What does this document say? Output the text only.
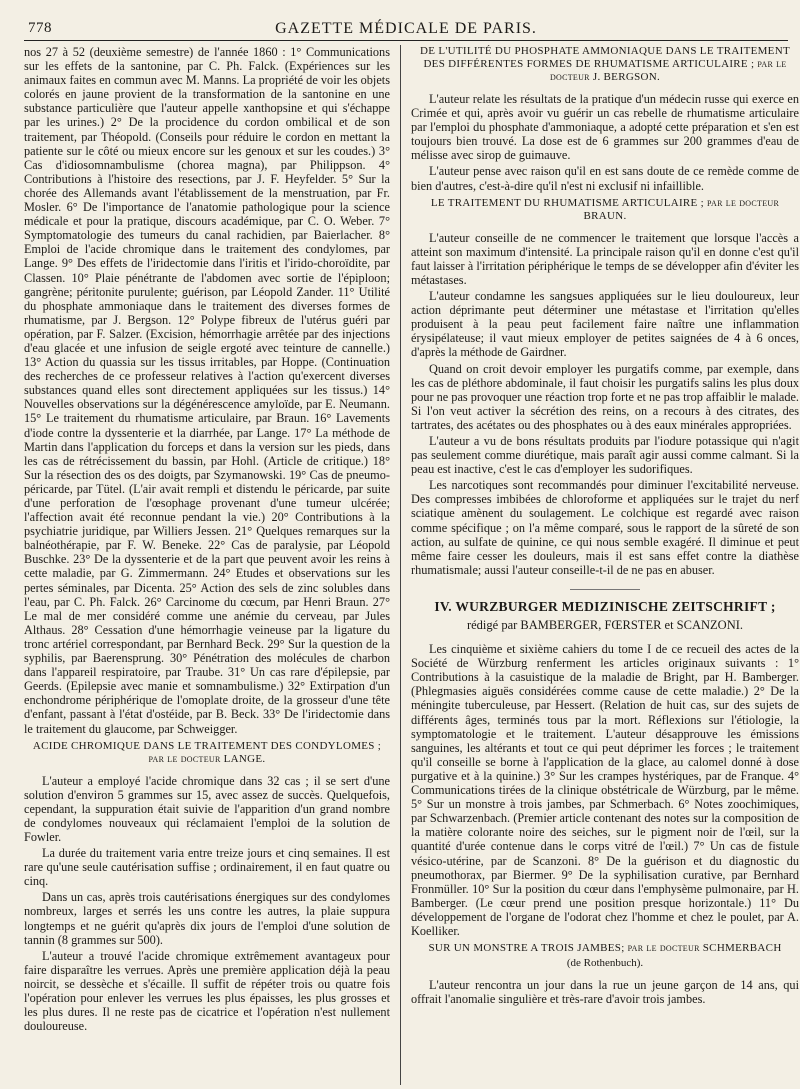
778	GAZETTE MÉDICALE DE PARIS.

nos 27 à 52 (deuxième semestre) de l'année 1860 : 1° Communications sur les effets de la santonine, par C. Ph. Falck. (Expériences sur les animaux faites en commun avec M. Manns. La propriété de voir les objets colorés en jaune provient de la transformation de la santonine en une substance particulière que l'auteur appelle xanthopsine et qui s'échappe par les urines.) 2° De la procidence du cordon ombilical et de son traitement, par Théopold. (Conseils pour réduire le cordon en mettant la patiente sur le côté ou mieux encore sur les genoux et sur les coudes.) 3° Cas d'idiosomnambulisme (chorea magna), par Philippson. 4° Contributions à l'histoire des resections, par J. F. Heyfelder. 5° Sur la chorée des Allemands avant l'établissement de la menstruation, par Fr. Mosler. 6° De l'importance de l'anatomie pathologique pour la science médicale et pour la pratique, discours académique, par C. O. Weber. 7° Symptomatologie des tumeurs du canal rachidien, par Baierlacher. 8° Emploi de l'acide chromique dans le traitement des condylomes, par Lange. 9° Des effets de l'iridectomie dans l'iritis et l'irido-choroïdite, par Classen. 10° Plaie pénétrante de l'abdomen avec sortie de l'épiploon; gangrène; péritonite purulente; guérison, par Léopold Zander. 11° Utilité du phosphate ammoniaque dans le traitement des diverses formes de rhumatisme, par J. Bergson. 12° Polype fibreux de l'utérus guéri par opération, par F. Salzer. (Excision, hémorrhagie arrêtée par des injections d'eau glacée et une infusion de seigle ergoté avec teinture de cannelle.) 13° Action du quassia sur les tissus irritables, par Hoppe. (Continuation des recherches de ce professeur relatives à l'action qu'exercent diverses substances quand elles sont directement appliquées sur les tissus.) 14° Nouvelles observations sur la dégénérescence amyloïde, par E. Neumann. 15° Le traitement du rhumatisme articulaire, par Braun. 16° Lavements d'iode contre la dyssenterie et la diarrhée, par Lange. 17° La méthode de Martin dans l'application du forceps et dans la version sur les pieds, dans les cas de rétrécissement du bassin, par Hohl. (Article de critique.) 18° Sur la résection des os des doigts, par Szymanowski. 19° Cas de pneumo-péricarde, par Tütel. (L'air avait rempli et distendu le péricarde, par suite d'une perforation de l'œsophage provenant d'une tumeur ulcérée; l'affection avait été reconnue pendant la vie.) 20° Contributions à la psychiatrie juridique, par Williers Jessen. 21° Quelques remarques sur la balnéothérapie, par F. W. Beneke. 22° Cas de paralysie, par Léopold Buschke. 23° De la dyssenterie et de la part que peuvent avoir les reins à cette maladie, par G. Zimmermann. 24° Etudes et observations sur les pertes séminales, par Dicenta. 25° Action des sels de zinc solubles dans l'eau, par C. Ph. Falck. 26° Carcinome du cœcum, par Henri Braun. 27° Le mal de mer considéré comme une anémie du cerveau, par Jules Althaus. 28° Cessation d'une hémorrhagie veineuse par la ligature du tronc artériel correspondant, par Bernhard Beck. 29° Sur la question de la syphilis, par Baerensprung. 30° Pénétration des molécules de charbon dans l'appareil respiratoire, par Traube. 31° Un cas rare d'épilepsie, par Geerds. (Epilepsie avec manie et somnambulisme.) 32° Extirpation d'un enchondrome périphérique de l'omoplate droite, de la grosseur d'une tête d'enfant, passant à l'état d'ostéide, par B. Beck. 33° De l'iridectomie dans le traitement du glaucome, par Schweigger.

ACIDE CHROMIQUE DANS LE TRAITEMENT DES CONDYLOMES ; par le docteur LANGE.

L'auteur a employé l'acide chromique dans 32 cas ; il se sert d'une solution d'environ 5 grammes sur 15, avec assez de succès. Quelquefois, cependant, la suppuration était suivie de l'apparition d'un grand nombre de condylomes nouveaux qui réclamaient l'emploi de la solution de Fowler.

La durée du traitement varia entre treize jours et cinq semaines. Il est rare qu'une seule cautérisation suffise ; ordinairement, il en faut quatre ou cinq.

Dans un cas, après trois cautérisations énergiques sur des condylomes nombreux, larges et serrés les uns contre les autres, la plaie suppura longtemps et ne guérit qu'après dix jours de l'emploi d'une solution de tannin (8 grammes sur 500).

L'auteur a trouvé l'acide chromique extrêmement avantageux pour faire disparaître les verrues. Après une première application déjà la peau noircit, se dessèche et s'écaille. Il suffit de répéter trois ou quatre fois l'opération pour enlever les verrues les plus épaisses, les plus grosses et les plus dures. Il ne reste pas de cicatrice et l'opération n'est nullement douloureuse.

DE L'UTILITÉ DU PHOSPHATE AMMONIAQUE DANS LE TRAITEMENT DES DIFFÉRENTES FORMES DE RHUMATISME ARTICULAIRE ; par le docteur J. BERGSON.

L'auteur relate les résultats de la pratique d'un médecin russe qui exerce en Crimée et qui, après avoir vu guérir un cas rebelle de rhumatisme articulaire par l'emploi du phosphate d'ammoniaque, a adopté cette préparation et s'en est toujours bien trouvé. La dose est de 6 grammes sur 200 grammes d'eau de mélisse avec sirop de guimauve.

L'auteur pense avec raison qu'il en est sans doute de ce remède comme de bien d'autres, c'est-à-dire qu'il n'est ni exclusif ni infaillible.

LE TRAITEMENT DU RHUMATISME ARTICULAIRE ; par le docteur BRAUN.

L'auteur conseille de ne commencer le traitement que lorsque l'accès a atteint son maximum d'intensité. La principale raison qu'il en donne c'est qu'il faut laisser à l'irritation périphérique le temps de se développer afin d'éviter les métastases.

L'auteur condamne les sangsues appliquées sur le lieu douloureux, leur action déprimante peut déterminer une métastase et l'irritation qu'elles produisent à la peau peut facilement faire naître une inflammation érysipélateuse; il vaut mieux employer de petites saignées de 4 à 6 onces, d'après la méthode de Gairdner.

Quand on croit devoir employer les purgatifs comme, par exemple, dans les cas de pléthore abdominale, il faut choisir les purgatifs salins les plus doux pour ne pas provoquer une réaction trop forte et ne pas trop affaiblir le malade. Si l'on veut activer la sécrétion des reins, on a recours à des citrates, des tartrates, des acétates ou des phosphates ou à des eaux minérales appropriées.

L'auteur a vu de bons résultats produits par l'iodure potassique qui n'agit pas seulement comme diurétique, mais paraît agir aussi comme calmant. Si la peau est inactive, c'est le cas d'employer les sudorifiques.

Les narcotiques sont recommandés pour diminuer l'excitabilité nerveuse. Des compresses imbibées de chloroforme et appliquées sur le trajet du nerf sciatique amènent du soulagement. Le colchique est regardé avec raison comme spécifique ; on l'a même comparé, sous le rapport de la sûreté de son action, au sulfate de quinine, ce qui nous semble exagéré. Il diminue et peut même faire cesser les douleurs, mais il est sans effet contre la diathèse rhumatismale; aussi l'auteur conseille-t-il de ne pas en abuser.

IV. WURZBURGER MEDIZINISCHE ZEITSCHRIFT ;

rédigé par BAMBERGER, FŒRSTER et SCANZONI.

Les cinquième et sixième cahiers du tome I de ce recueil des actes de la Société de Würzburg renferment les articles originaux suivants : 1° Contributions à la casuistique de la maladie de Bright, par H. Bamberger. (Phlegmasies aiguës considérées comme cause de cette maladie.) 2° De la méningite tuberculeuse, par Hessert. (Relation de huit cas, sur des sujets de différents âges, terminés tous par la mort. Réflexions sur l'étiologie, la symptomatologie et le traitement. L'auteur désapprouve les émissions sanguines, les altérants et tout ce qui peut déprimer les forces ; le traitement qu'il conseille se borne à l'application de la glace, au calomel donné à dose purgative et à la quinine.) 3° Sur les crampes hystériques, par de Franque. 4° Communications tirées de la clinique obstétricale de Würzburg, par le même. 5° Sur un monstre à trois jambes, par Schmerbach. 6° Notes zoochimiques, par Schwarzenbach. (Premier article contenant des notes sur la composition de la matière colorante noire des seiches, sur le pigment noir de l'œil, sur la quantité d'urée contenue dans le corps vitré de l'œil.) 7° Un cas de fistule vésico-utérine, par de Scanzoni. 8° De la guérison et du diagnostic du pneumothorax, par Biermer. 9° De la syphilisation curative, par Bernhard Fronmüller. 10° Sur la position du cœur dans l'emphysème pulmonaire, par H. Bamberger. (Le cœur prend une position presque horizontale.) 11° Du développement de l'organe de l'odorat chez l'homme et chez le poulet, par A. Koelliker.

SUR UN MONSTRE A TROIS JAMBES; par le docteur SCHMERBACH

(de Rothenbuch).

L'auteur rencontra un jour dans la rue un jeune garçon de 14 ans, qui offrait l'anomalie singulière et très-rare d'avoir trois jambes.
